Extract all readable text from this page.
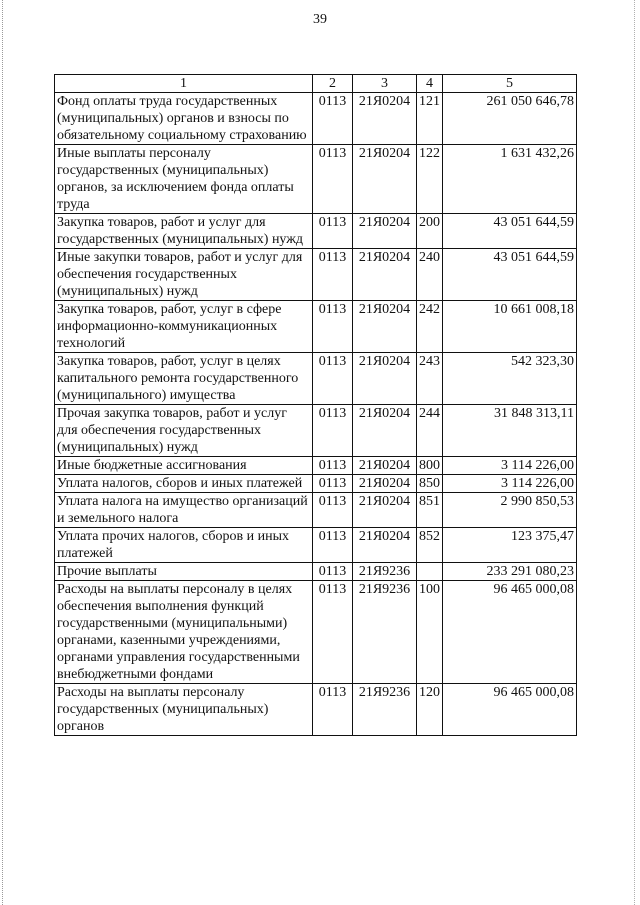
39
1	2	3	4	5
Фонд оплаты труда государственных (муниципальных) органов и взносы по обязательному социальному страхованию	0113	21Я0204	121	261 050 646,78
Иные выплаты персоналу государственных (муниципальных) органов, за исключением фонда оплаты труда	0113	21Я0204	122	1 631 432,26
Закупка товаров, работ и услуг для государственных (муниципальных) нужд	0113	21Я0204	200	43 051 644,59
Иные закупки товаров, работ и услуг для обеспечения государственных (муниципальных) нужд	0113	21Я0204	240	43 051 644,59
Закупка товаров, работ, услуг в сфере информационно-коммуникационных технологий	0113	21Я0204	242	10 661 008,18
Закупка товаров, работ, услуг в целях капитального ремонта государственного (муниципального) имущества	0113	21Я0204	243	542 323,30
Прочая закупка товаров, работ и услуг для обеспечения государственных (муниципальных) нужд	0113	21Я0204	244	31 848 313,11
Иные бюджетные ассигнования	0113	21Я0204	800	3 114 226,00
Уплата налогов, сборов и иных платежей	0113	21Я0204	850	3 114 226,00
Уплата налога на имущество организаций и земельного налога	0113	21Я0204	851	2 990 850,53
Уплата прочих налогов, сборов и иных платежей	0113	21Я0204	852	123 375,47
Прочие выплаты	0113	21Я9236		233 291 080,23
Расходы на выплаты персоналу в целях обеспечения выполнения функций государственными (муниципальными) органами, казенными учреждениями, органами управления государственными внебюджетными фондами	0113	21Я9236	100	96 465 000,08
Расходы на выплаты персоналу государственных (муниципальных) органов	0113	21Я9236	120	96 465 000,08
